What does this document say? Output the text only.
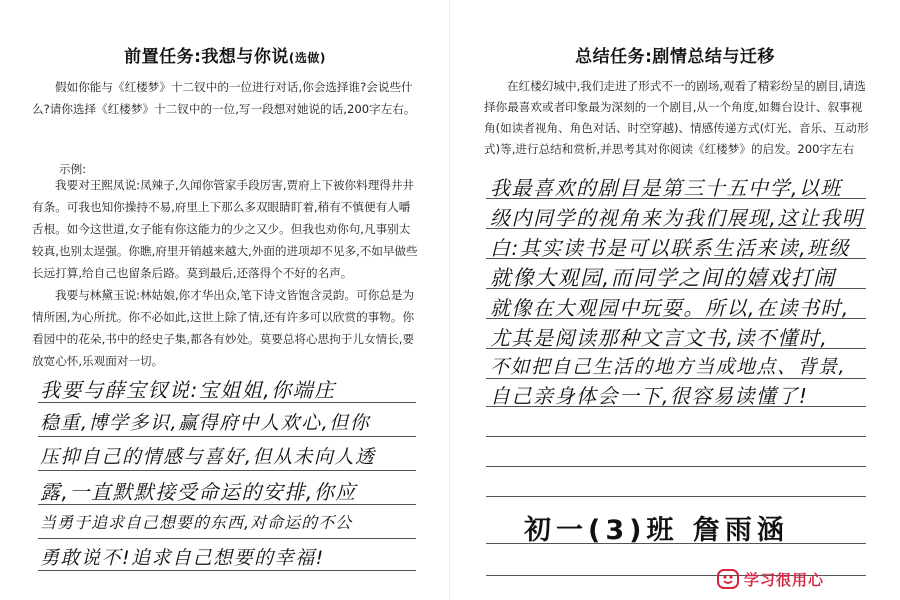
前置任务:我想与你说(选做)
假如你能与《红楼梦》十二钗中的一位进行对话,你会选择谁?会说些什么?请你选择《红楼梦》十二钗中的一位,写一段想对她说的话,200字左右。
示例:
我要对王熙凤说:凤辣子,久闻你管家手段厉害,贾府上下被你料理得井井有条。可我也知你操持不易,府里上下那么多双眼睛盯着,稍有不慎便有人嚼舌根。如今这世道,女子能有你这能力的少之又少。但我也劝你句,凡事别太较真,也别太逞强。你瞧,府里开销越来越大,外面的进项却不见多,不如早做些长远打算,给自己也留条后路。莫到最后,还落得个不好的名声。
我要与林黛玉说:林姑娘,你才华出众,笔下诗文皆饱含灵韵。可你总是为情所困,为心所扰。你不必如此,这世上除了情,还有许多可以欣赏的事物。你看园中的花朵,书中的经史子集,都各有妙处。莫要总将心思拘于儿女情长,要放宽心怀,乐观面对一切。
我要与薛宝钗说:宝姐姐,你端庄
稳重,博学多识,赢得府中人欢心,但你
压抑自己的情感与喜好,但从未向人透
露,一直默默接受命运的安排,你应
当勇于追求自己想要的东西,对命运的不公
勇敢说不!追求自己想要的幸福!
总结任务:剧情总结与迁移
在红楼幻城中,我们走进了形式不一的剧场,观看了精彩纷呈的剧目,请选择你最喜欢或者印象最为深刻的一个剧目,从一个角度,如舞台设计、叙事视角(如读者视角、角色对话、时空穿越)、情感传递方式(灯光、音乐、互动形式)等,进行总结和赏析,并思考其对你阅读《红楼梦》的启发。200字左右
我最喜欢的剧目是第三十五中学,以班
级内同学的视角来为我们展现,这让我明
白:其实读书是可以联系生活来读,班级
就像大观园,而同学之间的嬉戏打闹
就像在大观园中玩耍。所以,在读书时,
尤其是阅读那种文言文书,读不懂时,
不如把自己生活的地方当成地点、背景,
自己亲身体会一下,很容易读懂了!
初一(3)班 詹雨涵
学习很用心
